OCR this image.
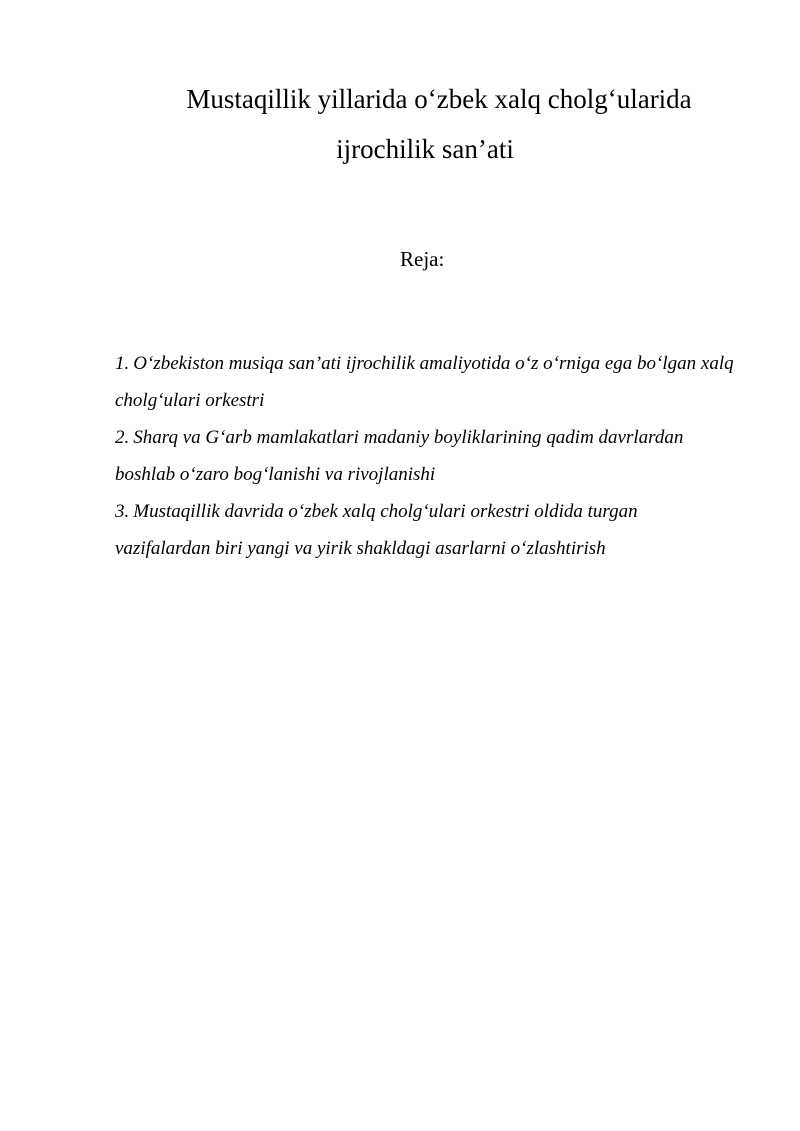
Mustaqillik yillarida o‘zbek xalq cholg‘ularida
ijrochilik san’ati

Reja:

1. O‘zbekiston musiqa san’ati ijrochilik amaliyotida o‘z o‘rniga ega bo‘lgan xalq cholg‘ulari orkestri
2. Sharq va G‘arb mamlakatlari madaniy boyliklarining qadim davrlardan boshlab o‘zaro bog‘lanishi va rivojlanishi
3. Mustaqillik davrida o‘zbek xalq cholg‘ulari orkestri oldida turgan vazifalardan biri yangi va yirik shakldagi asarlarni o‘zlashtirish
